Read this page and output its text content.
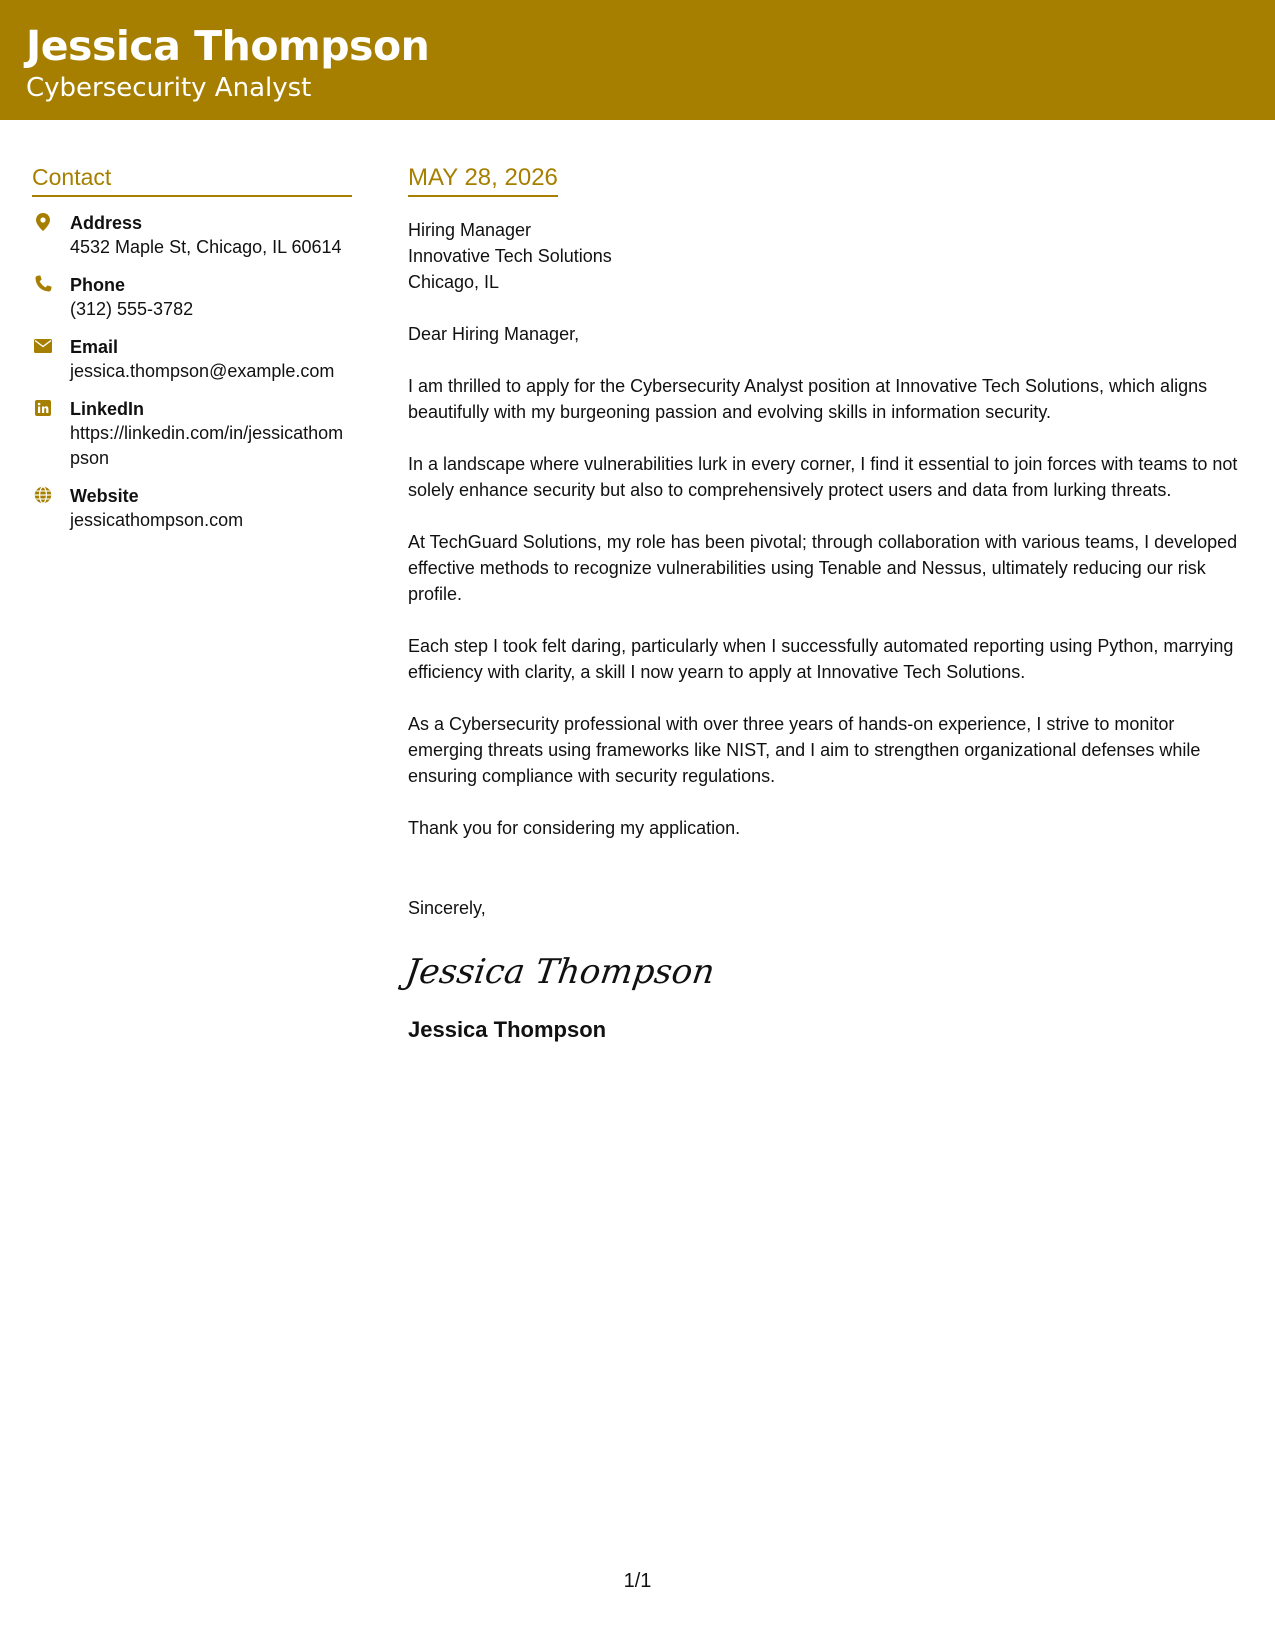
Jessica Thompson
Cybersecurity Analyst
Contact
Address
4532 Maple St, Chicago, IL 60614
Phone
(312) 555-3782
Email
jessica.thompson@example.com
LinkedIn
https://linkedin.com/in/jessicathompson
Website
jessicathompson.com
MAY 28, 2026
Hiring Manager
Innovative Tech Solutions
Chicago, IL
Dear Hiring Manager,

I am thrilled to apply for the Cybersecurity Analyst position at Innovative Tech Solutions, which aligns beautifully with my burgeoning passion and evolving skills in information security.

In a landscape where vulnerabilities lurk in every corner, I find it essential to join forces with teams to not solely enhance security but also to comprehensively protect users and data from lurking threats.

At TechGuard Solutions, my role has been pivotal; through collaboration with various teams, I developed effective methods to recognize vulnerabilities using Tenable and Nessus, ultimately reducing our risk profile.

Each step I took felt daring, particularly when I successfully automated reporting using Python, marrying efficiency with clarity, a skill I now yearn to apply at Innovative Tech Solutions.

As a Cybersecurity professional with over three years of hands-on experience, I strive to monitor emerging threats using frameworks like NIST, and I aim to strengthen organizational defenses while ensuring compliance with security regulations.

Thank you for considering my application.

Sincerely,
Jessica Thompson
Jessica Thompson
1/1
